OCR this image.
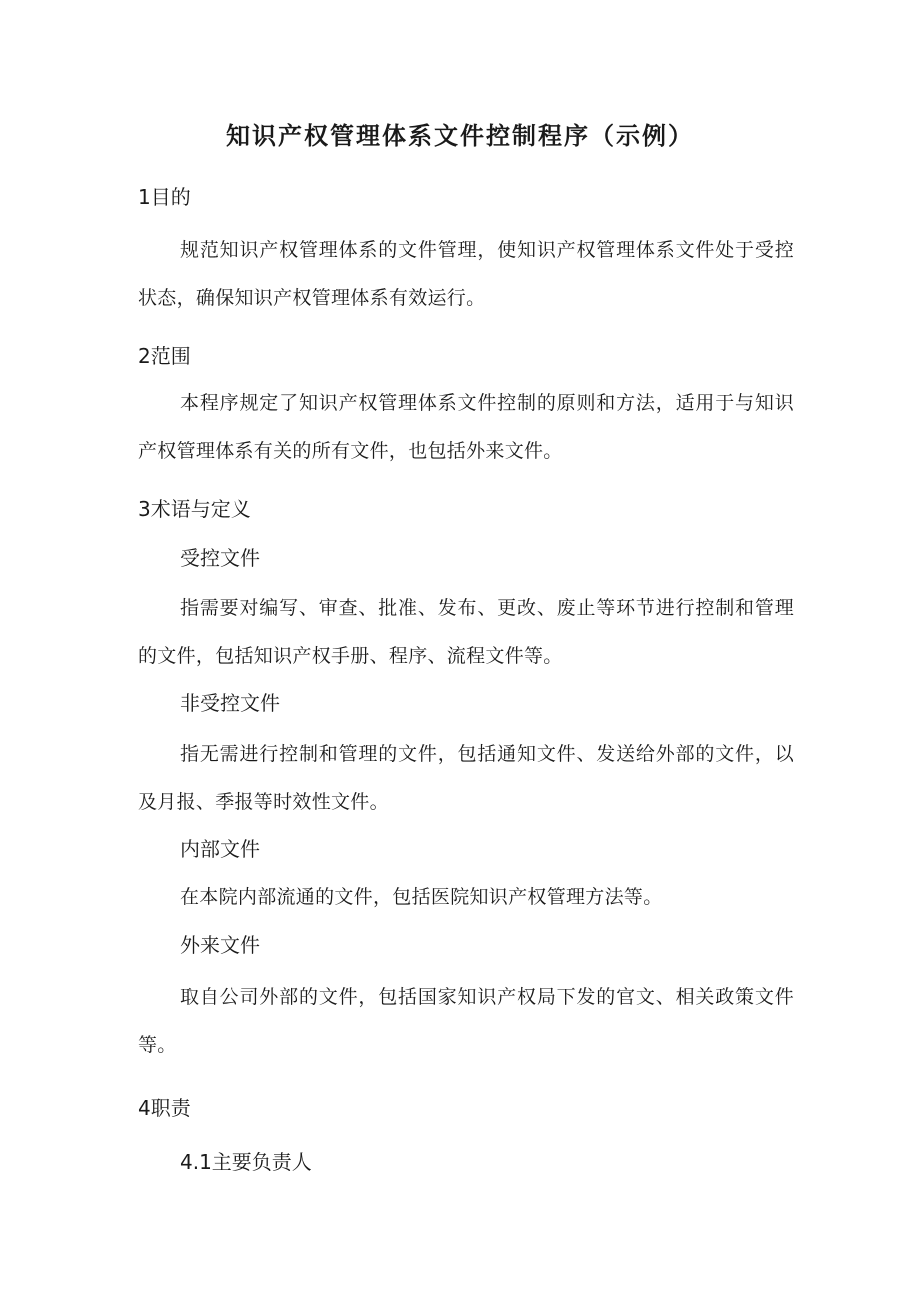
知识产权管理体系文件控制程序（示例）
1目的

规范知识产权管理体系的文件管理，使知识产权管理体系文件处于受控状态，确保知识产权管理体系有效运行。

2范围

本程序规定了知识产权管理体系文件控制的原则和方法，适用于与知识产权管理体系有关的所有文件，也包括外来文件。

3术语与定义
受控文件

指需要对编写、审查、批准、发布、更改、废止等环节进行控制和管理的文件，包括知识产权手册、程序、流程文件等。

非受控文件

指无需进行控制和管理的文件，包括通知文件、发送给外部的文件，以及月报、季报等时效性文件。

内部文件

在本院内部流通的文件，包括医院知识产权管理方法等。

外来文件

取自公司外部的文件，包括国家知识产权局下发的官文、相关政策文件等。

4职责
4.1主要负责人
